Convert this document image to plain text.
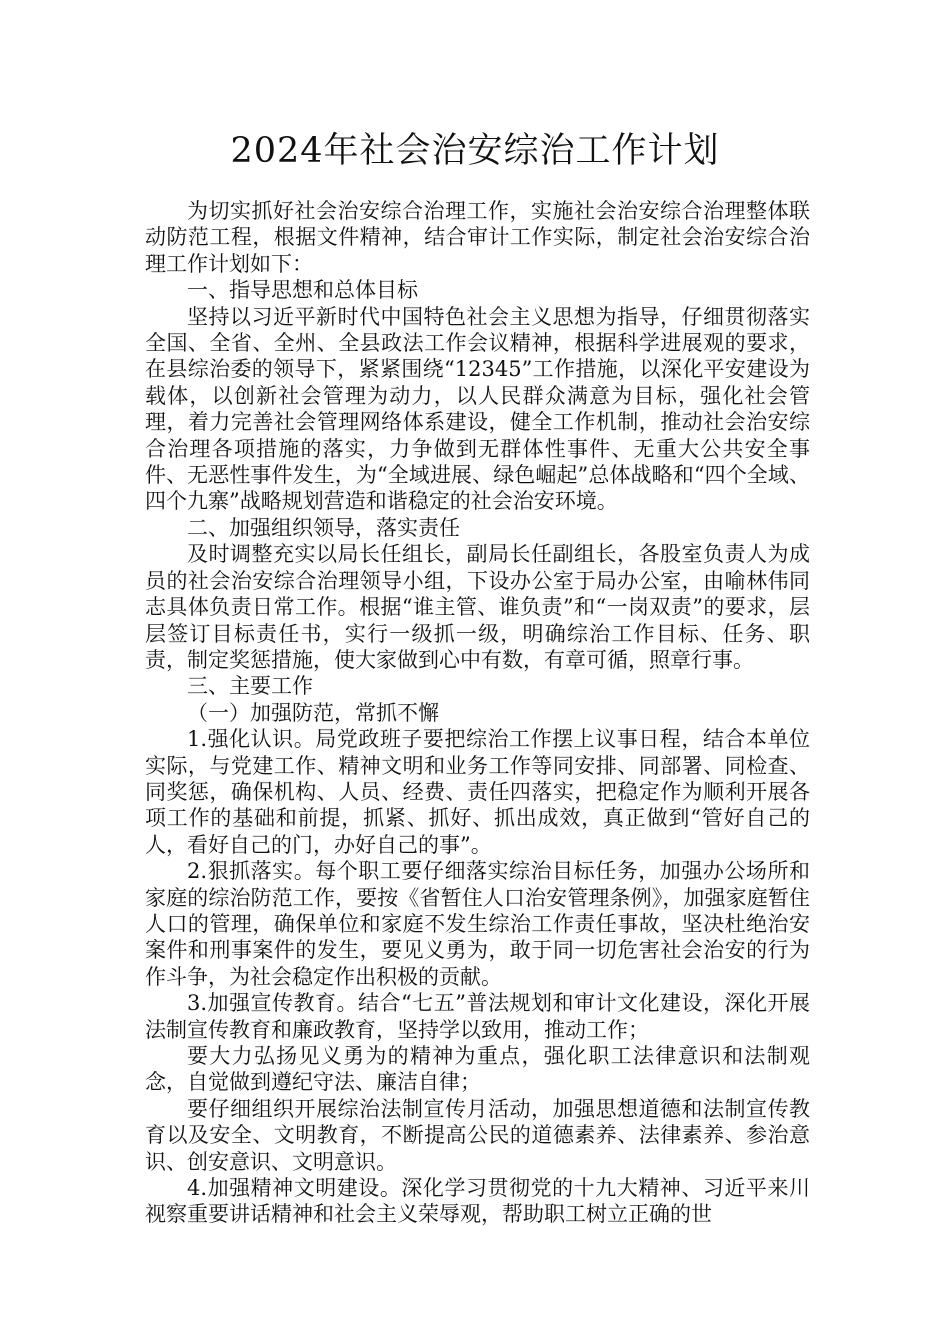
2024年社会治安综治工作计划

为切实抓好社会治安综合治理工作，实施社会治安综合治理整体联动防范工程，根据文件精神，结合审计工作实际，制定社会治安综合治理工作计划如下：

一、指导思想和总体目标

坚持以习近平新时代中国特色社会主义思想为指导，仔细贯彻落实全国、全省、全州、全县政法工作会议精神，根据科学进展观的要求，在县综治委的领导下，紧紧围绕“12345”工作措施，以深化平安建设为载体，以创新社会管理为动力，以人民群众满意为目标，强化社会管理，着力完善社会管理网络体系建设，健全工作机制，推动社会治安综合治理各项措施的落实，力争做到无群体性事件、无重大公共安全事件、无恶性事件发生，为“全域进展、绿色崛起”总体战略和“四个全域、四个九寨”战略规划营造和谐稳定的社会治安环境。

二、加强组织领导，落实责任

及时调整充实以局长任组长，副局长任副组长，各股室负责人为成员的社会治安综合治理领导小组，下设办公室于局办公室，由喻林伟同志具体负责日常工作。根据“谁主管、谁负责”和“一岗双责”的要求，层层签订目标责任书，实行一级抓一级，明确综治工作目标、任务、职责，制定奖惩措施，使大家做到心中有数，有章可循，照章行事。

三、主要工作

（一）加强防范，常抓不懈

1.强化认识。局党政班子要把综治工作摆上议事日程，结合本单位实际，与党建工作、精神文明和业务工作等同安排、同部署、同检查、同奖惩，确保机构、人员、经费、责任四落实，把稳定作为顺利开展各项工作的基础和前提，抓紧、抓好、抓出成效，真正做到“管好自己的人，看好自己的门，办好自己的事”。

2.狠抓落实。每个职工要仔细落实综治目标任务，加强办公场所和家庭的综治防范工作，要按《省暂住人口治安管理条例》，加强家庭暂住人口的管理，确保单位和家庭不发生综治工作责任事故，坚决杜绝治安案件和刑事案件的发生，要见义勇为，敢于同一切危害社会治安的行为作斗争，为社会稳定作出积极的贡献。

3.加强宣传教育。结合“七五”普法规划和审计文化建设，深化开展法制宣传教育和廉政教育，坚持学以致用，推动工作；

要大力弘扬见义勇为的精神为重点，强化职工法律意识和法制观念，自觉做到遵纪守法、廉洁自律；

要仔细组织开展综治法制宣传月活动，加强思想道德和法制宣传教育以及安全、文明教育，不断提高公民的道德素养、法律素养、参治意识、创安意识、文明意识。

4.加强精神文明建设。深化学习贯彻党的十九大精神、习近平来川视察重要讲话精神和社会主义荣辱观，帮助职工树立正确的世
